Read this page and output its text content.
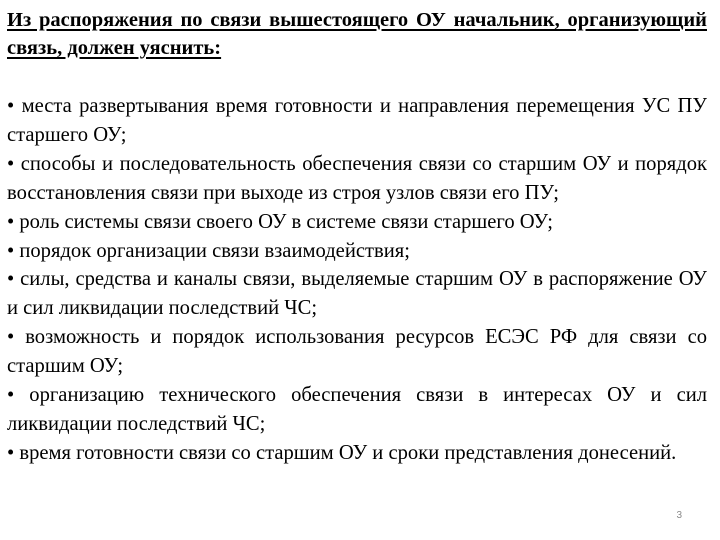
Из распоряжения по связи вышестоящего ОУ начальник, организующий связь, должен уяснить:
• места развертывания время готовности и направления перемещения УС ПУ старшего ОУ;
• способы и последовательность обеспечения связи со старшим ОУ и порядок восстановления связи при выходе из строя узлов связи его ПУ;
• роль системы связи своего ОУ в системе связи старшего ОУ;
• порядок организации связи взаимодействия;
• силы, средства и каналы связи, выделяемые старшим ОУ в распоряжение ОУ и сил ликвидации последствий ЧС;
• возможность и порядок использования ресурсов ЕСЭС РФ для связи со старшим ОУ;
• организацию технического обеспечения связи в интересах ОУ и сил ликвидации последствий ЧС;
• время готовности связи со старшим ОУ и сроки представления донесений.
3
